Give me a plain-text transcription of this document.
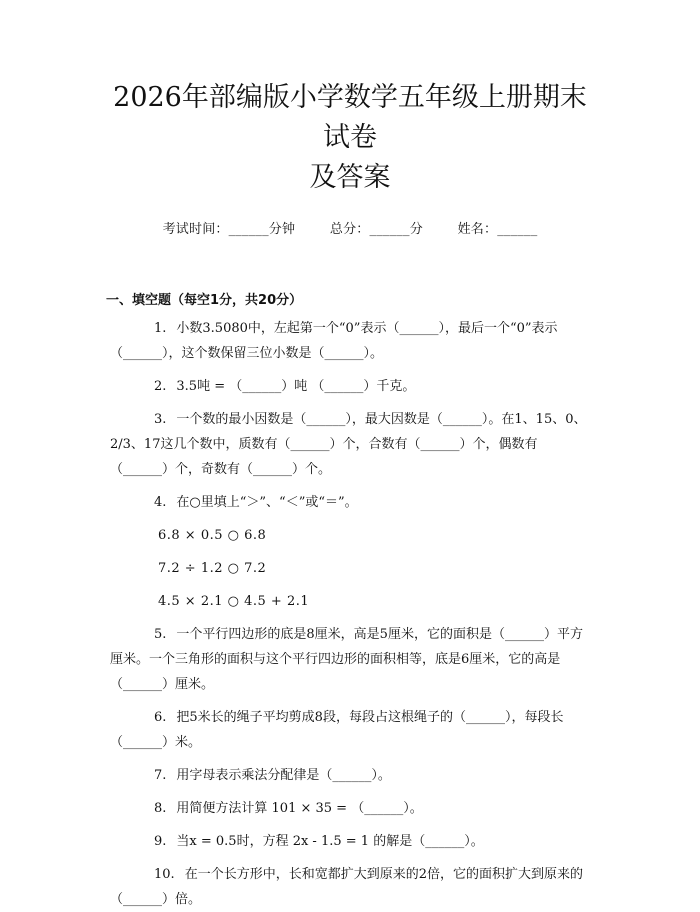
2026年部编版小学数学五年级上册期末试卷
及答案
考试时间：______分钟	总分：______分	姓名：______
一、填空题（每空1分，共20分）
1. 小数3.5080中，左起第一个“0”表示（______），最后一个“0”表示（______），这个数保留三位小数是（______）。
2. 3.5吨 = （______）吨 （______）千克。
3. 一个数的最小因数是（______），最大因数是（______）。在1、15、0、2/3、17这几个数中，质数有（______）个，合数有（______）个，偶数有（______）个，奇数有（______）个。
4. 在○里填上“＞”、“＜”或“＝”。
6.8 × 0.5 ○ 6.8
7.2 ÷ 1.2 ○ 7.2
4.5 × 2.1 ○ 4.5 + 2.1
5. 一个平行四边形的底是8厘米，高是5厘米，它的面积是（______）平方厘米。一个三角形的面积与这个平行四边形的面积相等，底是6厘米，它的高是（______）厘米。
6. 把5米长的绳子平均剪成8段，每段占这根绳子的（______），每段长（______）米。
7. 用字母表示乘法分配律是（______）。
8. 用简便方法计算 101 × 35 = （______）。
9. 当x = 0.5时，方程 2x - 1.5 = 1 的解是（______）。
10. 在一个长方形中，长和宽都扩大到原来的2倍，它的面积扩大到原来的（______）倍。
